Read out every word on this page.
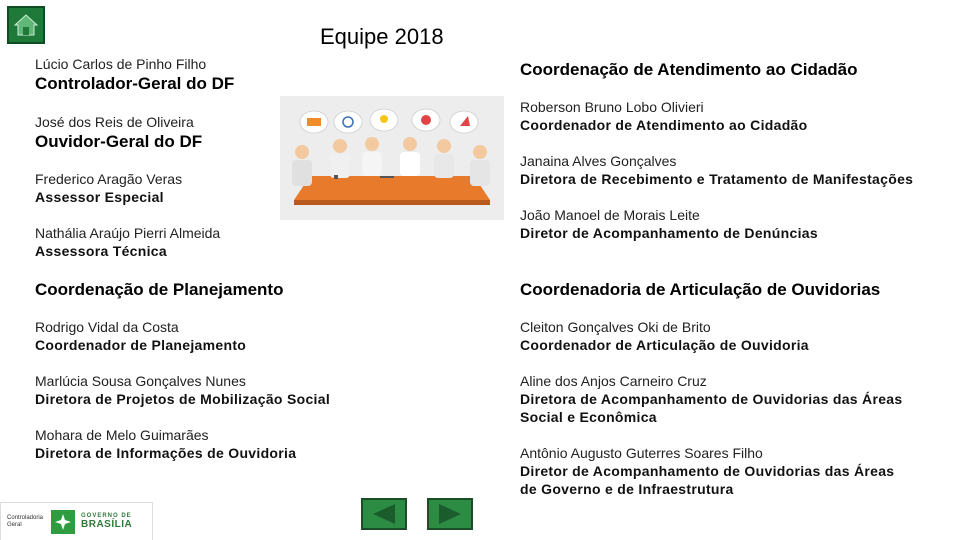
Equipe 2018
Lúcio Carlos de Pinho Filho
Controlador-Geral do DF
José dos Reis de Oliveira
Ouvidor-Geral do DF
Frederico Aragão Veras
Assessor Especial
Nathália Araújo Pierri Almeida
Assessora Técnica
Coordenação de Planejamento
Rodrigo Vidal da Costa
Coordenador de Planejamento
Marlúcia Sousa Gonçalves Nunes
Diretora de Projetos de Mobilização Social
Mohara de Melo Guimarães
Diretora de Informações de Ouvidoria
Coordenação de Atendimento ao Cidadão
Roberson Bruno Lobo Olivieri
Coordenador de Atendimento ao Cidadão
Janaina Alves Gonçalves
Diretora de Recebimento e Tratamento de Manifestações
João Manoel de Morais Leite
Diretor de Acompanhamento de Denúncias
Coordenadoria de Articulação de Ouvidorias
Cleiton Gonçalves Oki de Brito
Coordenador de Articulação de Ouvidoria
Aline dos Anjos Carneiro Cruz
Diretora de Acompanhamento de Ouvidorias das Áreas
Social e Econômica
Antônio Augusto Guterres Soares Filho
Diretor de Acompanhamento de Ouvidorias das Áreas
de Governo e de Infraestrutura
Controladoria Geral
GOVERNO DE
BRASÍLIA
